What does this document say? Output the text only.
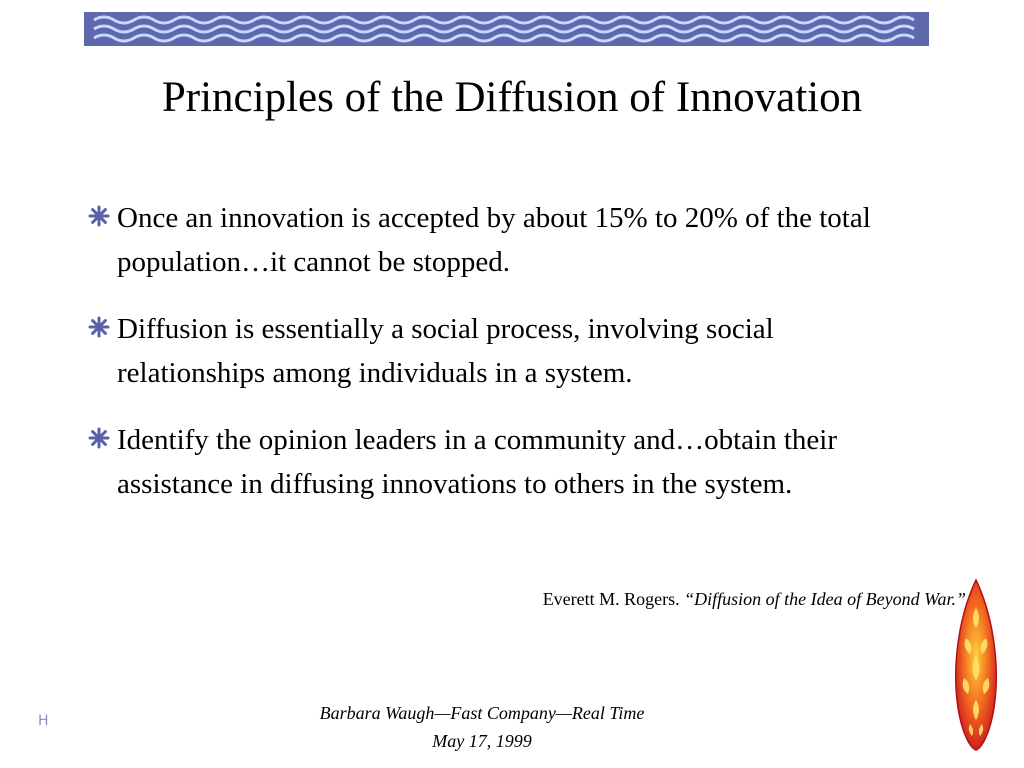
Principles of the Diffusion of Innovation
Once an innovation is accepted by about 15% to 20% of the total population…it cannot be stopped.
Diffusion is essentially a social process, involving social relationships among individuals in a system.
Identify the opinion leaders in a community and…obtain their assistance in diffusing innovations to others in the system.
Everett M. Rogers. “Diffusion of the Idea of Beyond War.”
H	Barbara Waugh—Fast Company—Real Time
May 17, 1999
